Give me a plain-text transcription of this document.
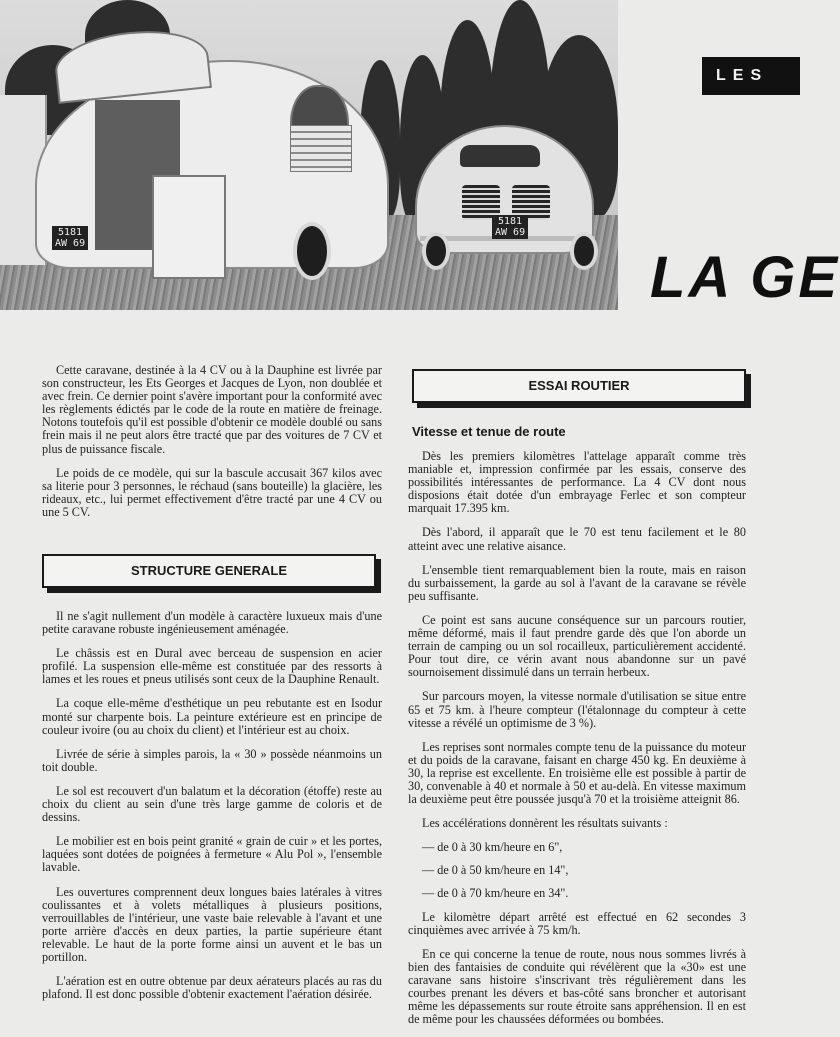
5181
AW 69
5181
AW 69
LES
LA GE

Cette caravane, destinée à la 4 CV ou à la Dauphine est livrée par son constructeur, les Ets Georges et Jacques de Lyon, non doublée et avec frein. Ce dernier point s'avère important pour la conformité avec les règlements édictés par le code de la route en matière de freinage. Notons toutefois qu'il est possible d'obtenir ce modèle doublé ou sans frein mais il ne peut alors être tracté que par des voitures de 7 CV et plus de puissance fiscale.

Le poids de ce modèle, qui sur la bascule accusait 367 kilos avec sa literie pour 3 personnes, le réchaud (sans bouteille) la glacière, les rideaux, etc., lui permet effectivement d'être tracté par une 4 CV ou une 5 CV.

STRUCTURE GENERALE

Il ne s'agit nullement d'un modèle à caractère luxueux mais d'une petite caravane robuste ingénieusement aménagée.

Le châssis est en Dural avec berceau de suspension en acier profilé. La suspension elle-même est constituée par des ressorts à lames et les roues et pneus utilisés sont ceux de la Dauphine Renault.

La coque elle-même d'esthétique un peu rebutante est en Isodur monté sur charpente bois. La peinture extérieure est en principe de couleur ivoire (ou au choix du client) et l'intérieur est au choix.

Livrée de série à simples parois, la « 30 » possède néanmoins un toit double.

Le sol est recouvert d'un balatum et la décoration (étoffe) reste au choix du client au sein d'une très large gamme de coloris et de dessins.

Le mobilier est en bois peint granité « grain de cuir » et les portes, laquées sont dotées de poignées à fermeture « Alu Pol », l'ensemble lavable.

Les ouvertures comprennent deux longues baies latérales à vitres coulissantes et à volets métalliques à plusieurs positions, verrouillables de l'intérieur, une vaste baie relevable à l'avant et une porte arrière d'accès en deux parties, la partie supérieure étant relevable. Le haut de la porte forme ainsi un auvent et le bas un portillon.

L'aération est en outre obtenue par deux aérateurs placés au ras du plafond. Il est donc possible d'obtenir exactement l'aération désirée.

ESSAI ROUTIER
Vitesse et tenue de route

Dès les premiers kilomètres l'attelage apparaît comme très maniable et, impression confirmée par les essais, conserve des possibilités intéressantes de performance. La 4 CV dont nous disposions était dotée d'un embrayage Ferlec et son compteur marquait 17.395 km.

Dès l'abord, il apparaît que le 70 est tenu facilement et le 80 atteint avec une relative aisance.

L'ensemble tient remarquablement bien la route, mais en raison du surbaissement, la garde au sol à l'avant de la caravane se révèle peu suffisante.

Ce point est sans aucune conséquence sur un parcours routier, même déformé, mais il faut prendre garde dès que l'on aborde un terrain de camping ou un sol rocailleux, particulièrement accidenté. Pour tout dire, ce vérin avant nous abandonne sur un pavé sournoisement dissimulé dans un terrain herbeux.

Sur parcours moyen, la vitesse normale d'utilisation se situe entre 65 et 75 km. à l'heure compteur (l'étalonnage du compteur à cette vitesse a révélé un optimisme de 3 %).

Les reprises sont normales compte tenu de la puissance du moteur et du poids de la caravane, faisant en charge 450 kg. En deuxième à 30, la reprise est excellente. En troisième elle est possible à partir de 30, convenable à 40 et normale à 50 et au-delà. En vitesse maximum la deuxième peut être poussée jusqu'à 70 et la troisième atteignit 86.

Les accélérations donnèrent les résultats suivants :

— de 0 à 30 km/heure en 6",
— de 0 à 50 km/heure en 14",
— de 0 à 70 km/heure en 34".

Le kilomètre départ arrêté est effectué en 62 secondes 3 cinquièmes avec arrivée à 75 km/h.

En ce qui concerne la tenue de route, nous nous sommes livrés à bien des fantaisies de conduite qui révélèrent que la «30» est une caravane sans histoire s'inscrivant très régulièrement dans les courbes prenant les dévers et bas-côté sans broncher et autorisant même les dépassements sur route étroite sans appréhension. Il en est de même pour les chaussées déformées ou bombées.
